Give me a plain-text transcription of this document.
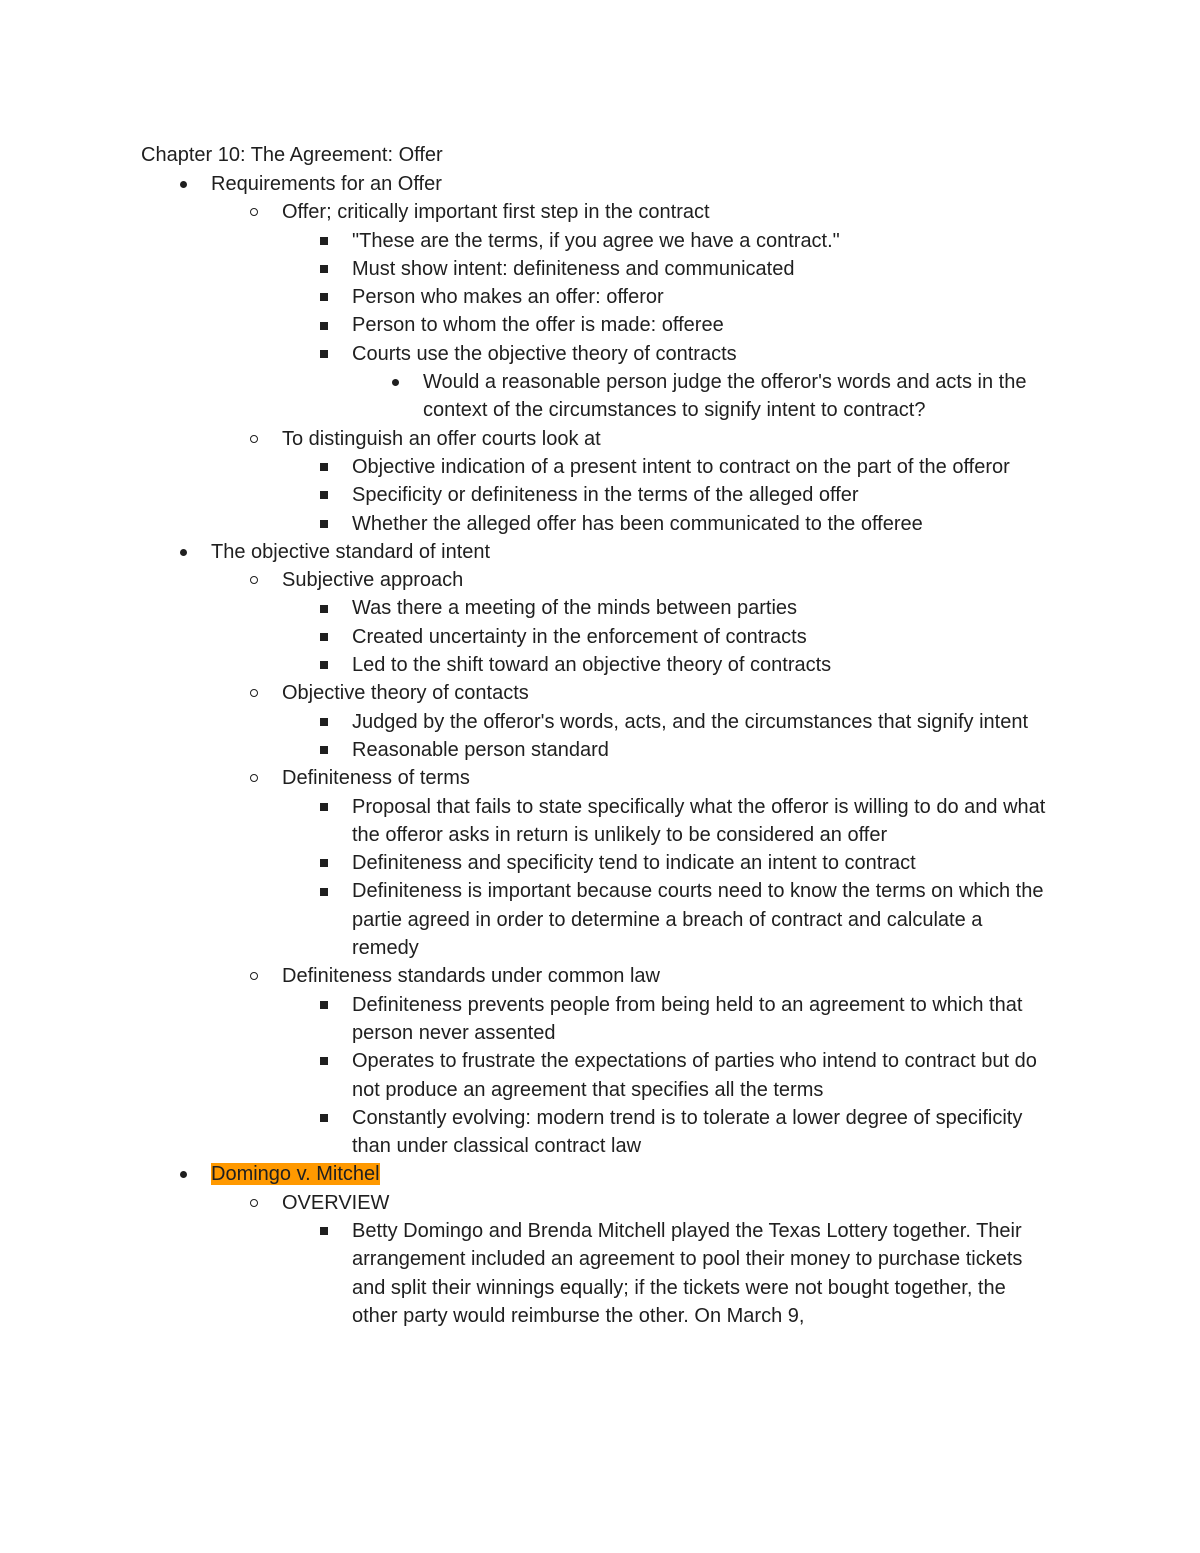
Chapter 10: The Agreement: Offer
Requirements for an Offer
Offer; critically important first step in the contract
"These are the terms, if you agree we have a contract."
Must show intent: definiteness and communicated
Person who makes an offer: offeror
Person to whom the offer is made: offeree
Courts use the objective theory of contracts
Would a reasonable person judge the offeror's words and acts in the context of the circumstances to signify intent to contract?
To distinguish an offer courts look at
Objective indication of a present intent to contract on the part of the offeror
Specificity or definiteness in the terms of the alleged offer
Whether the alleged offer has been communicated to the offeree
The objective standard of intent
Subjective approach
Was there a meeting of the minds between parties
Created uncertainty in the enforcement of contracts
Led to the shift toward an objective theory of contracts
Objective theory of contacts
Judged by the offeror's words, acts, and the circumstances that signify intent
Reasonable person standard
Definiteness of terms
Proposal that fails to state specifically what the offeror is willing to do and what the offeror asks in return is unlikely to be considered an offer
Definiteness and specificity tend to indicate an intent to contract
Definiteness is important because courts need to know the terms on which the partie agreed in order to determine a breach of contract and calculate a remedy
Definiteness standards under common law
Definiteness prevents people from being held to an agreement to which that person never assented
Operates to frustrate the expectations of parties who intend to contract but do not produce an agreement that specifies all the terms
Constantly evolving: modern trend is to tolerate a lower degree of specificity than under classical contract law
Domingo v. Mitchel
OVERVIEW
Betty Domingo and Brenda Mitchell played the Texas Lottery together. Their arrangement included an agreement to pool their money to purchase tickets and split their winnings equally; if the tickets were not bought together, the other party would reimburse the other. On March 9,
